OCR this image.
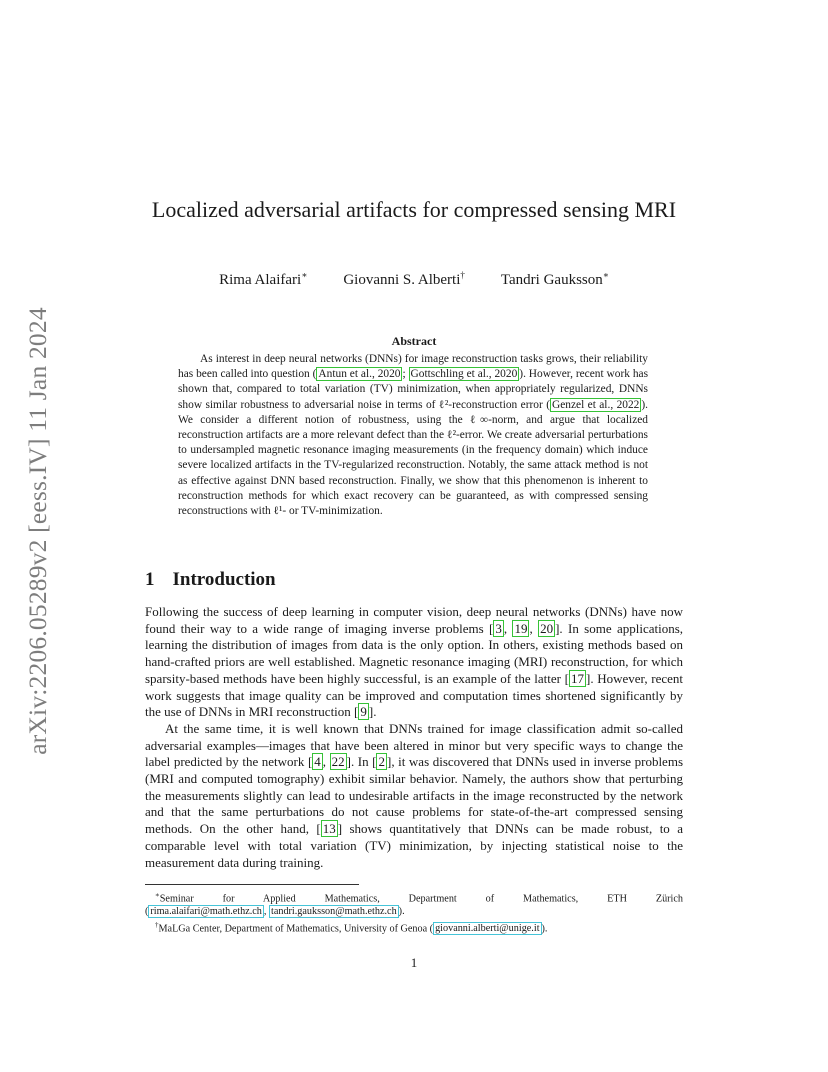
arXiv:2206.05289v2 [eess.IV] 11 Jan 2024
Localized adversarial artifacts for compressed sensing MRI
Rima Alaifari∗ Giovanni S. Alberti† Tandri Gauksson∗
Abstract

As interest in deep neural networks (DNNs) for image reconstruction tasks grows, their reliability has been called into question ( Antun et al., 2020 ; Gottschling et al., 2020 ). However, recent work has shown that, compared to total variation (TV) minimization, when appropriately regularized, DNNs show similar robustness to adversarial noise in terms of ℓ²-reconstruction error ( Genzel et al., 2022 ). We consider a different notion of robustness, using the ℓ∞-norm, and argue that localized reconstruction artifacts are a more relevant defect than the ℓ²-error. We create adversarial perturbations to undersampled magnetic resonance imaging measurements (in the frequency domain) which induce severe localized artifacts in the TV-regularized reconstruction. Notably, the same attack method is not as effective against DNN based reconstruction. Finally, we show that this phenomenon is inherent to reconstruction methods for which exact recovery can be guaranteed, as with compressed sensing reconstructions with ℓ¹- or TV-minimization.

1 Introduction

Following the success of deep learning in computer vision, deep neural networks (DNNs) have now found their way to a wide range of imaging inverse problems [ 3 , 19 , 20 ]. In some applications, learning the distribution of images from data is the only option. In others, existing methods based on hand-crafted priors are well established. Magnetic resonance imaging (MRI) reconstruction, for which sparsity-based methods have been highly successful, is an example of the latter [ 17 ]. However, recent work suggests that image quality can be improved and computation times shortened significantly by the use of DNNs in MRI reconstruction [ 9 ].

At the same time, it is well known that DNNs trained for image classification admit so-called adversarial examples—images that have been altered in minor but very specific ways to change the label predicted by the network [ 4 , 22 ]. In [ 2 ], it was discovered that DNNs used in inverse problems (MRI and computed tomography) exhibit similar behavior. Namely, the authors show that perturbing the measurements slightly can lead to undesirable artifacts in the image reconstructed by the network and that the same perturbations do not cause problems for state-of-the-art compressed sensing methods. On the other hand, [ 13 ] shows quantitatively that DNNs can be made robust, to a comparable level with total variation (TV) minimization, by injecting statistical noise to the measurement data during training.

∗Seminar for Applied Mathematics, Department of Mathematics, ETH Zürich

( rima.alaifari@math.ethz.ch , tandri.gauksson@math.ethz.ch ).

†MaLGa Center, Department of Mathematics, University of Genoa ( giovanni.alberti@unige.it ).

1
